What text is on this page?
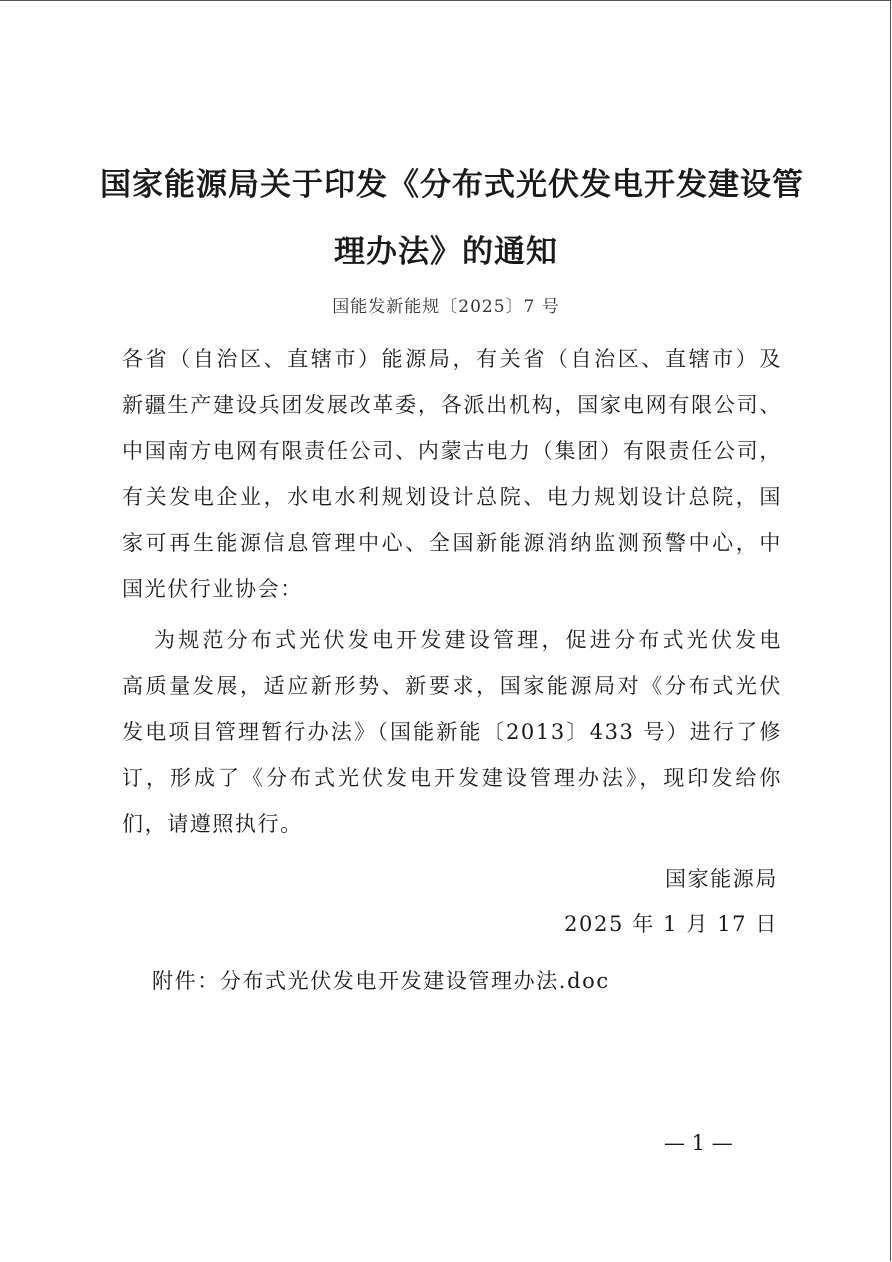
国家能源局关于印发《分布式光伏发电开发建设管
理办法》的通知
国能发新能规〔2025〕7 号
各省（自治区、直辖市）能源局，有关省（自治区、直辖市）及
新疆生产建设兵团发展改革委，各派出机构，国家电网有限公司、
中国南方电网有限责任公司、内蒙古电力（集团）有限责任公司，
有关发电企业，水电水利规划设计总院、电力规划设计总院，国
家可再生能源信息管理中心、全国新能源消纳监测预警中心，中
国光伏行业协会：
为规范分布式光伏发电开发建设管理，促进分布式光伏发电
高质量发展，适应新形势、新要求，国家能源局对《分布式光伏
发电项目管理暂行办法》（国能新能〔2013〕433 号）进行了修
订，形成了《分布式光伏发电开发建设管理办法》，现印发给你
们，请遵照执行。
国家能源局
2025 年 1 月 17 日
附件：分布式光伏发电开发建设管理办法.doc
— 1 —
